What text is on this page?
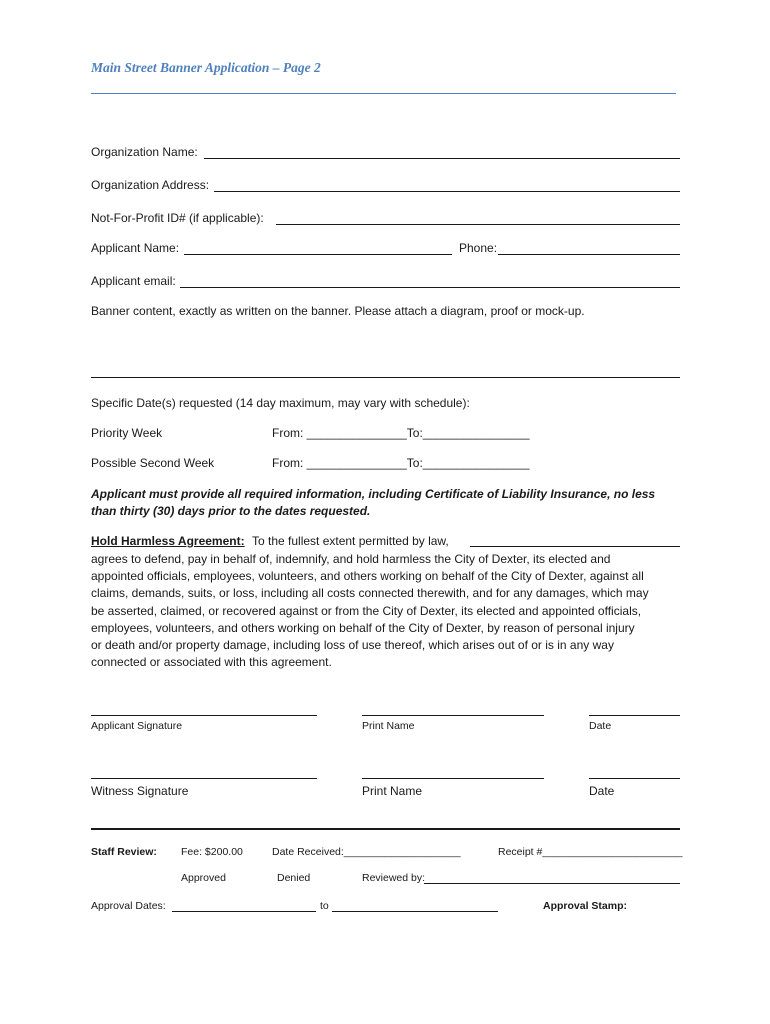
Main Street Banner Application – Page 2
Organization Name:
Organization Address:
Not-For-Profit ID# (if applicable):
Applicant Name:	Phone:
Applicant email:
Banner content, exactly as written on the banner. Please attach a diagram, proof or mock-up.
Specific Date(s) requested (14 day maximum, may vary with schedule):
Priority Week	From: _______________To:________________
Possible Second Week	From: _______________To:________________
Applicant must provide all required information, including Certificate of Liability Insurance, no less
than thirty (30) days prior to the dates requested.
Hold Harmless Agreement: To the fullest extent permitted by law,
agrees to defend, pay in behalf of, indemnify, and hold harmless the City of Dexter, its elected and
appointed officials, employees, volunteers, and others working on behalf of the City of Dexter, against all
claims, demands, suits, or loss, including all costs connected therewith, and for any damages, which may
be asserted, claimed, or recovered against or from the City of Dexter, its elected and appointed officials,
employees, volunteers, and others working on behalf of the City of Dexter, by reason of personal injury
or death and/or property damage, including loss of use thereof, which arises out of or is in any way
connected or associated with this agreement.
Applicant Signature	Print Name	Date
Witness Signature	Print Name	Date
Staff Review: Fee: $200.00	Date Received:____________________	Receipt #________________________
Approved	Denied	Reviewed by:
Approval Dates:	to	Approval Stamp:
